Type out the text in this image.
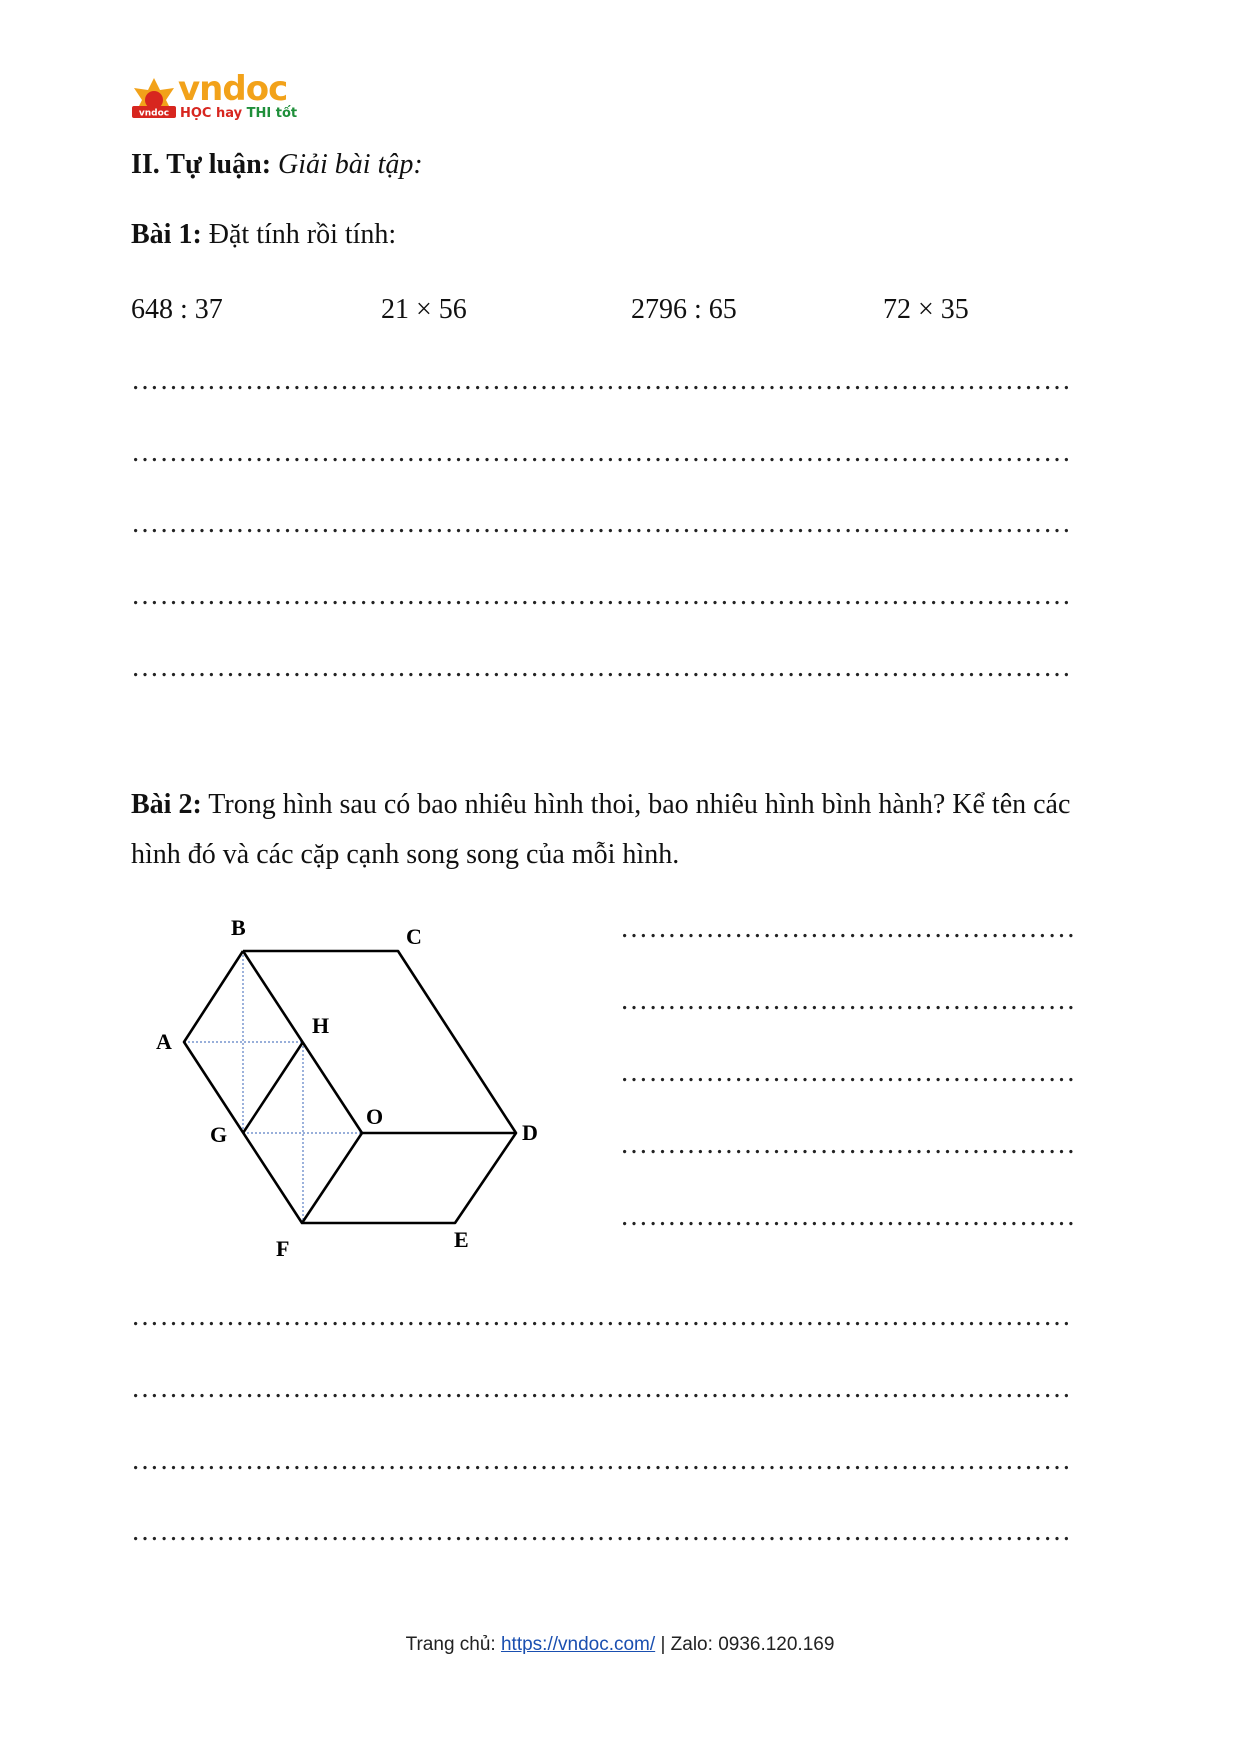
vndoc
vndoc
HỌC hay THI tốt
II. Tự luận: Giải bài tập:
Bài 1: Đặt tính rồi tính:
648 : 37	21 × 56	2796 : 65	72 × 35
………………………………………………………………………………………
………………………………………………………………………………………
………………………………………………………………………………………
………………………………………………………………………………………
………………………………………………………………………………………
Bài 2: Trong hình sau có bao nhiêu hình thoi, bao nhiêu hình bình hành? Kể tên các
hình đó và các cặp cạnh song song của mỗi hình.
B	C
A
H
O
D
G
F	E
…………………………………………
…………………………………………
…………………………………………
…………………………………………
…………………………………………
………………………………………………………………………………………
………………………………………………………………………………………
………………………………………………………………………………………
………………………………………………………………………………………
Trang chủ: https://vndoc.com/ | Zalo: 0936.120.169
